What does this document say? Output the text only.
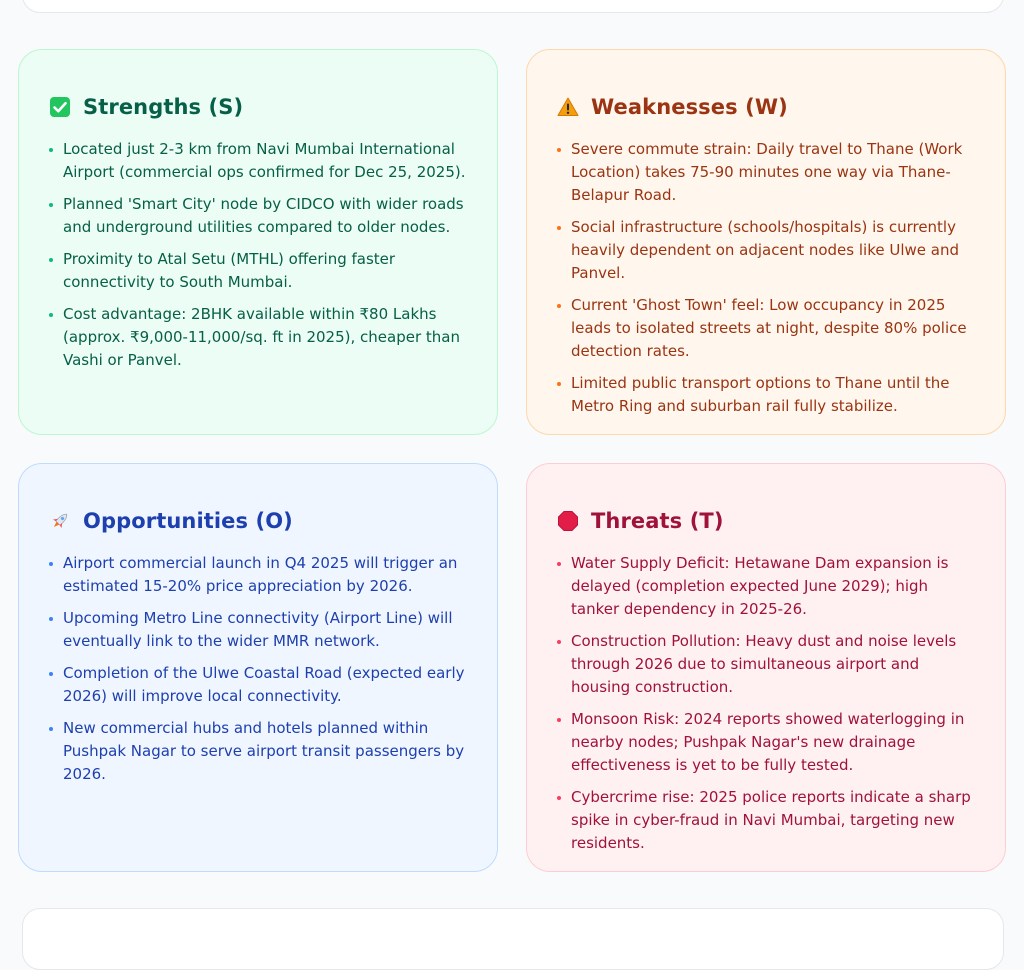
Strengths (S)
Located just 2-3 km from Navi Mumbai International Airport (commercial ops confirmed for Dec 25, 2025).
Planned 'Smart City' node by CIDCO with wider roads and underground utilities compared to older nodes.
Proximity to Atal Setu (MTHL) offering faster connectivity to South Mumbai.
Cost advantage: 2BHK available within ₹80 Lakhs (approx. ₹9,000-11,000/sq. ft in 2025), cheaper than Vashi or Panvel.
Weaknesses (W)
Severe commute strain: Daily travel to Thane (Work Location) takes 75-90 minutes one way via Thane-Belapur Road.
Social infrastructure (schools/hospitals) is currently heavily dependent on adjacent nodes like Ulwe and Panvel.
Current 'Ghost Town' feel: Low occupancy in 2025 leads to isolated streets at night, despite 80% police detection rates.
Limited public transport options to Thane until the Metro Ring and suburban rail fully stabilize.
Opportunities (O)
Airport commercial launch in Q4 2025 will trigger an estimated 15-20% price appreciation by 2026.
Upcoming Metro Line connectivity (Airport Line) will eventually link to the wider MMR network.
Completion of the Ulwe Coastal Road (expected early 2026) will improve local connectivity.
New commercial hubs and hotels planned within Pushpak Nagar to serve airport transit passengers by 2026.
Threats (T)
Water Supply Deficit: Hetawane Dam expansion is delayed (completion expected June 2029); high tanker dependency in 2025-26.
Construction Pollution: Heavy dust and noise levels through 2026 due to simultaneous airport and housing construction.
Monsoon Risk: 2024 reports showed waterlogging in nearby nodes; Pushpak Nagar's new drainage effectiveness is yet to be fully tested.
Cybercrime rise: 2025 police reports indicate a sharp spike in cyber-fraud in Navi Mumbai, targeting new residents.
